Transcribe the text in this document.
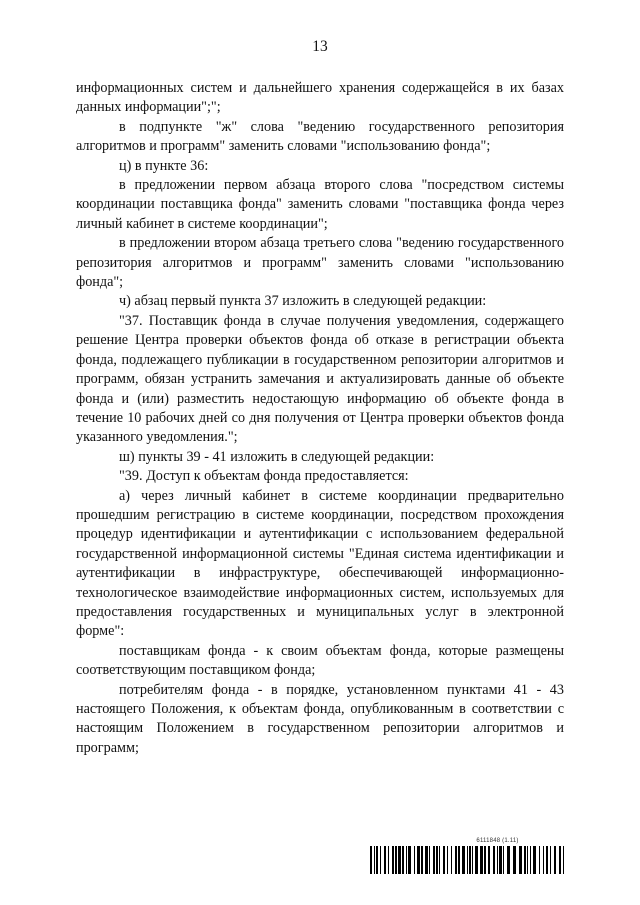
13

информационных систем и дальнейшего хранения содержащейся в их базах данных информации";";

в подпункте "ж" слова "ведению государственного репозитория алгоритмов и программ" заменить словами "использованию фонда";

ц) в пункте 36:

в предложении первом абзаца второго слова "посредством системы координации поставщика фонда" заменить словами "поставщика фонда через личный кабинет в системе координации";

в предложении втором абзаца третьего слова "ведению государственного репозитория алгоритмов и программ" заменить словами "использованию фонда";

ч) абзац первый пункта 37 изложить в следующей редакции:

"37. Поставщик фонда в случае получения уведомления, содержащего решение Центра проверки объектов фонда об отказе в регистрации объекта фонда, подлежащего публикации в государственном репозитории алгоритмов и программ, обязан устранить замечания и актуализировать данные об объекте фонда и (или) разместить недостающую информацию об объекте фонда в течение 10 рабочих дней со дня получения от Центра проверки объектов фонда указанного уведомления.";

ш) пункты 39 - 41 изложить в следующей редакции:

"39. Доступ к объектам фонда предоставляется:

а) через личный кабинет в системе координации предварительно прошедшим регистрацию в системе координации, посредством прохождения процедур идентификации и аутентификации с использованием федеральной государственной информационной системы "Единая система идентификации и аутентификации в инфраструктуре, обеспечивающей информационно-технологическое взаимодействие информационных систем, используемых для предоставления государственных и муниципальных услуг в электронной форме":

поставщикам фонда - к своим объектам фонда, которые размещены соответствующим поставщиком фонда;

потребителям фонда - в порядке, установленном пунктами 41 - 43 настоящего Положения, к объектам фонда, опубликованным в соответствии с настоящим Положением в государственном репозитории алгоритмов и программ;

6111848 (1.11)
